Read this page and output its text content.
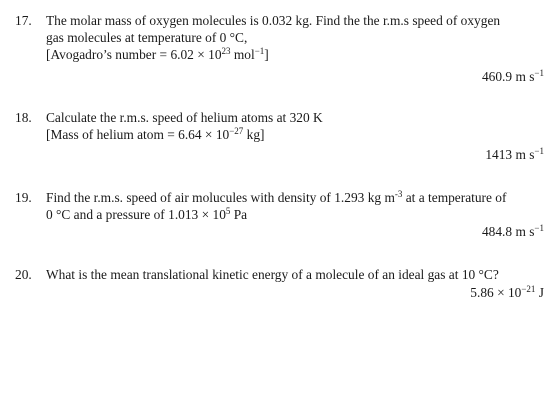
17. The molar mass of oxygen molecules is 0.032 kg. Find the the r.m.s speed of oxygen
gas molecules at temperature of 0 °C,
[Avogadro’s number = $6.02 \times 10^{23}$ mol$^{-1}$]
460.9 m $s^{-1}$
18. Calculate the r.m.s. speed of helium atoms at 320 K
[Mass of helium atom = $6.64 \times 10^{-27}$ kg]
1413 m $s^{-1}$
19. Find the r.m.s. speed of air molucules with density of 1.293 kg $m^{-3}$ at a temperature of
0 °C and a pressure of $1.013 \times 10^5$ Pa
484.8 m $s^{-1}$
20. What is the mean translational kinetic energy of a molecule of an ideal gas at 10 °C?
$5.86 \times 10^{-21}$ J
